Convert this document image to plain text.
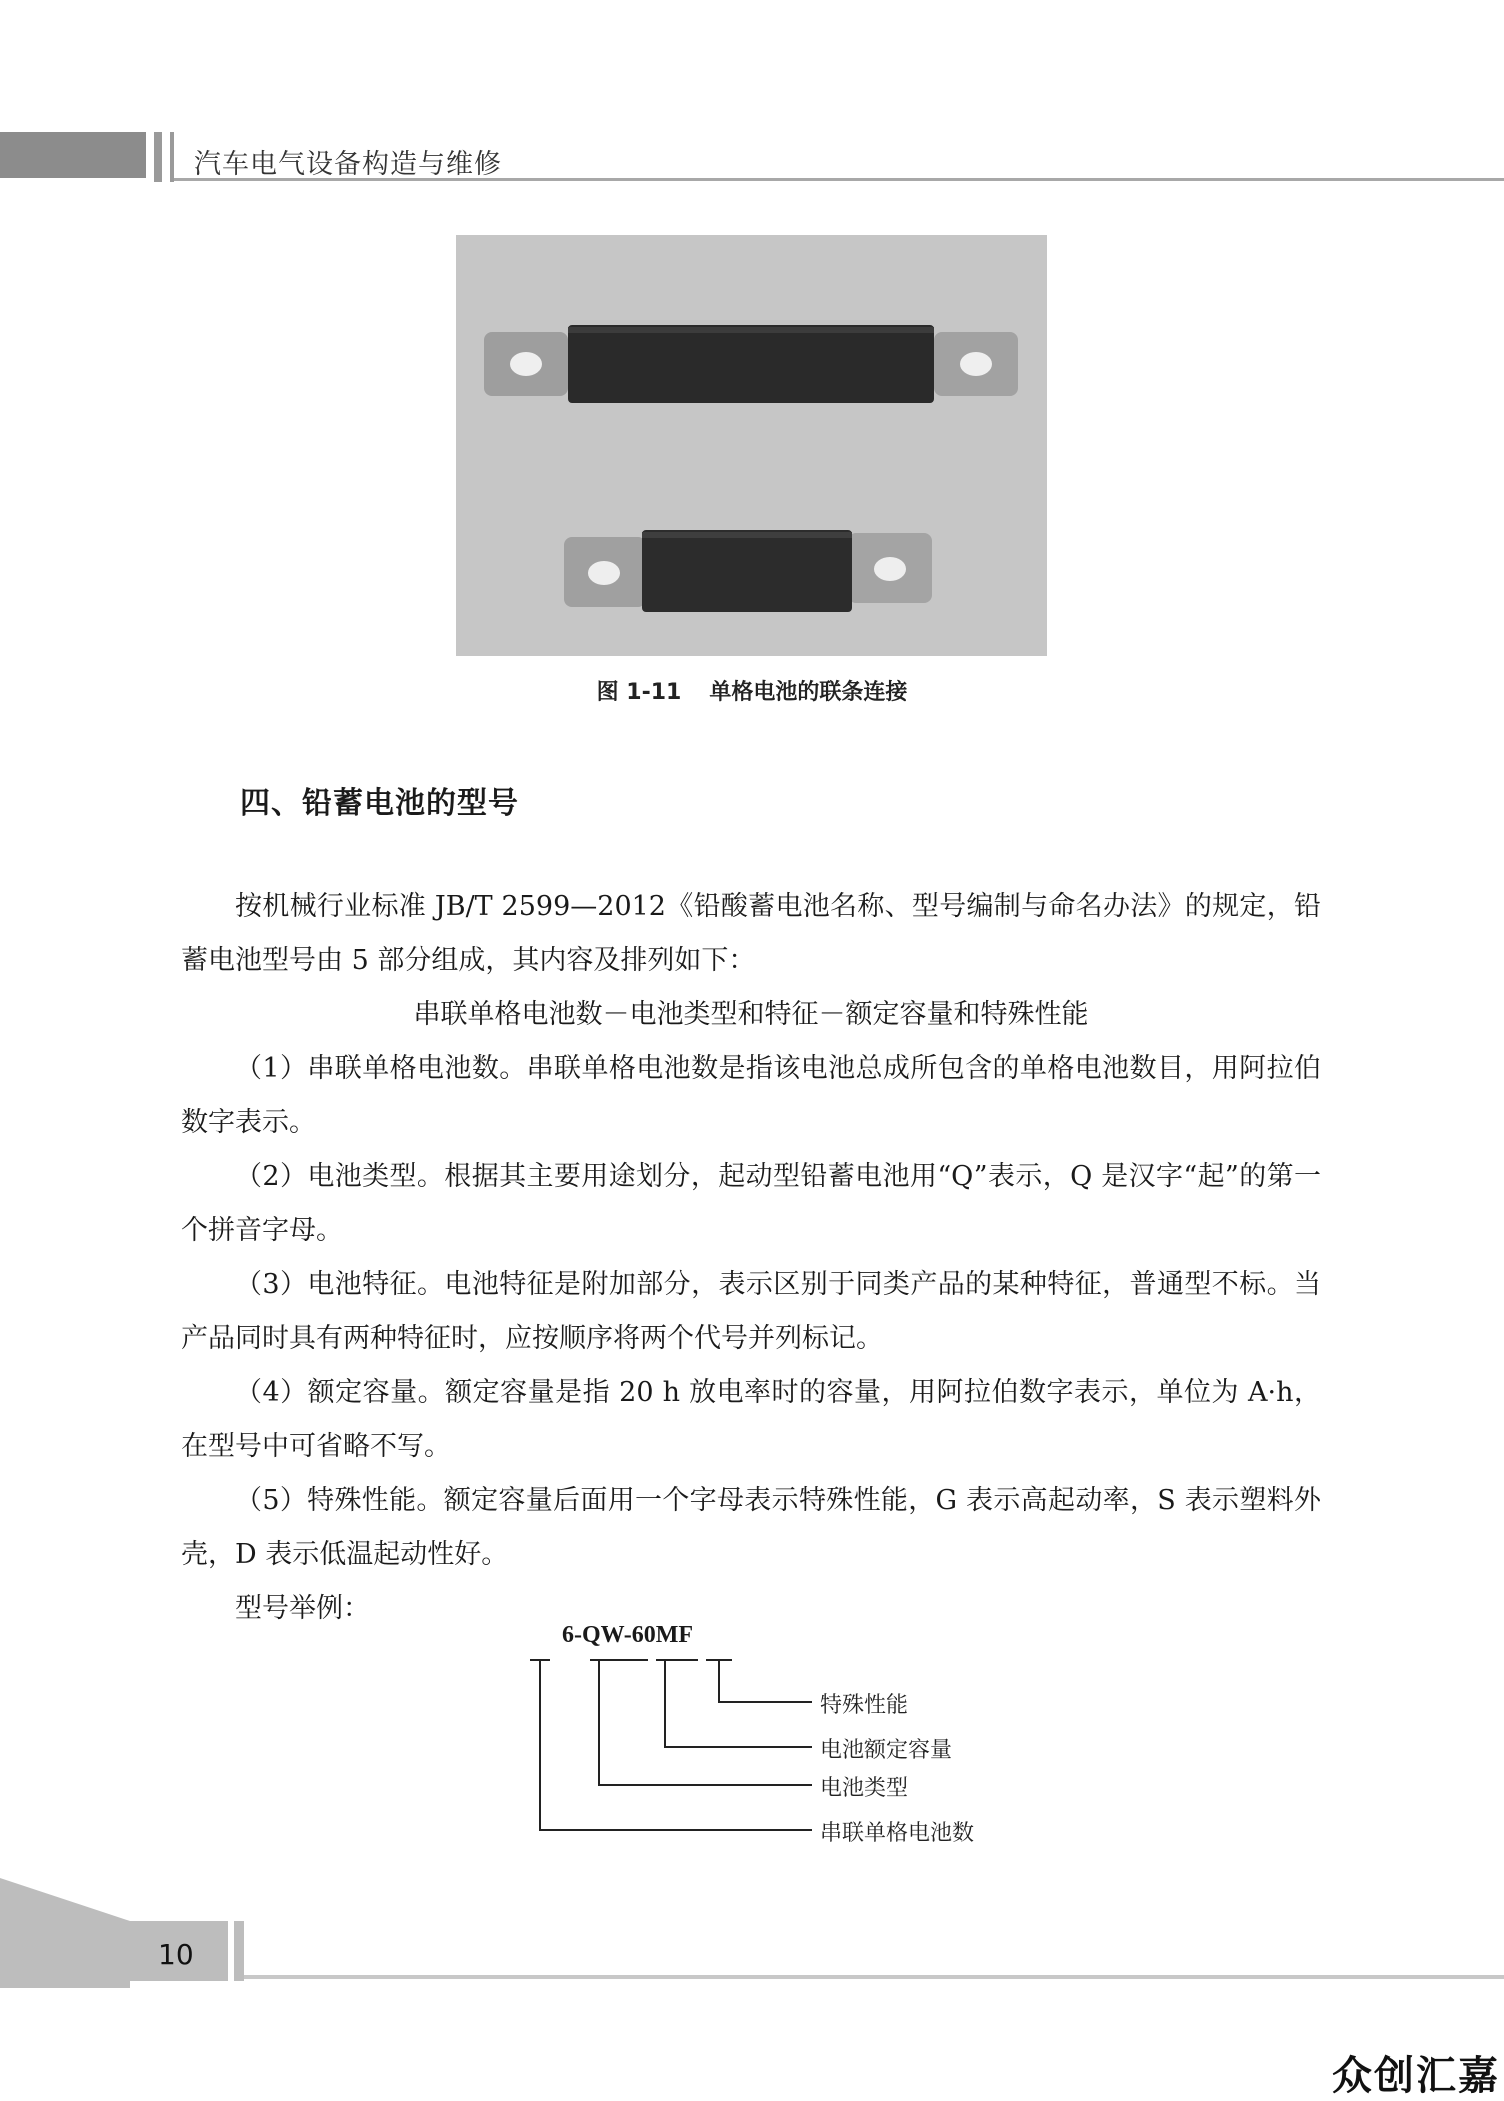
汽车电气设备构造与维修
图 1-11 单格电池的联条连接
四、铅蓄电池的型号

按机械行业标准 JB/T 2599—2012《铅酸蓄电池名称、型号编制与命名办法》的规定，铅蓄电池型号由 5 部分组成，其内容及排列如下：

串联单格电池数－电池类型和特征－额定容量和特殊性能

（1）串联单格电池数。串联单格电池数是指该电池总成所包含的单格电池数目，用阿拉伯数字表示。

（2）电池类型。根据其主要用途划分，起动型铅蓄电池用“Q”表示，Q 是汉字“起”的第一个拼音字母。

（3）电池特征。电池特征是附加部分，表示区别于同类产品的某种特征，普通型不标。当产品同时具有两种特征时，应按顺序将两个代号并列标记。

（4）额定容量。额定容量是指 20 h 放电率时的容量，用阿拉伯数字表示，单位为 A·h，在型号中可省略不写。

（5）特殊性能。额定容量后面用一个字母表示特殊性能，G 表示高起动率，S 表示塑料外壳，D 表示低温起动性好。

型号举例：

6-QW-60MF
特殊性能
电池额定容量
电池类型
串联单格电池数
10
众创汇嘉
